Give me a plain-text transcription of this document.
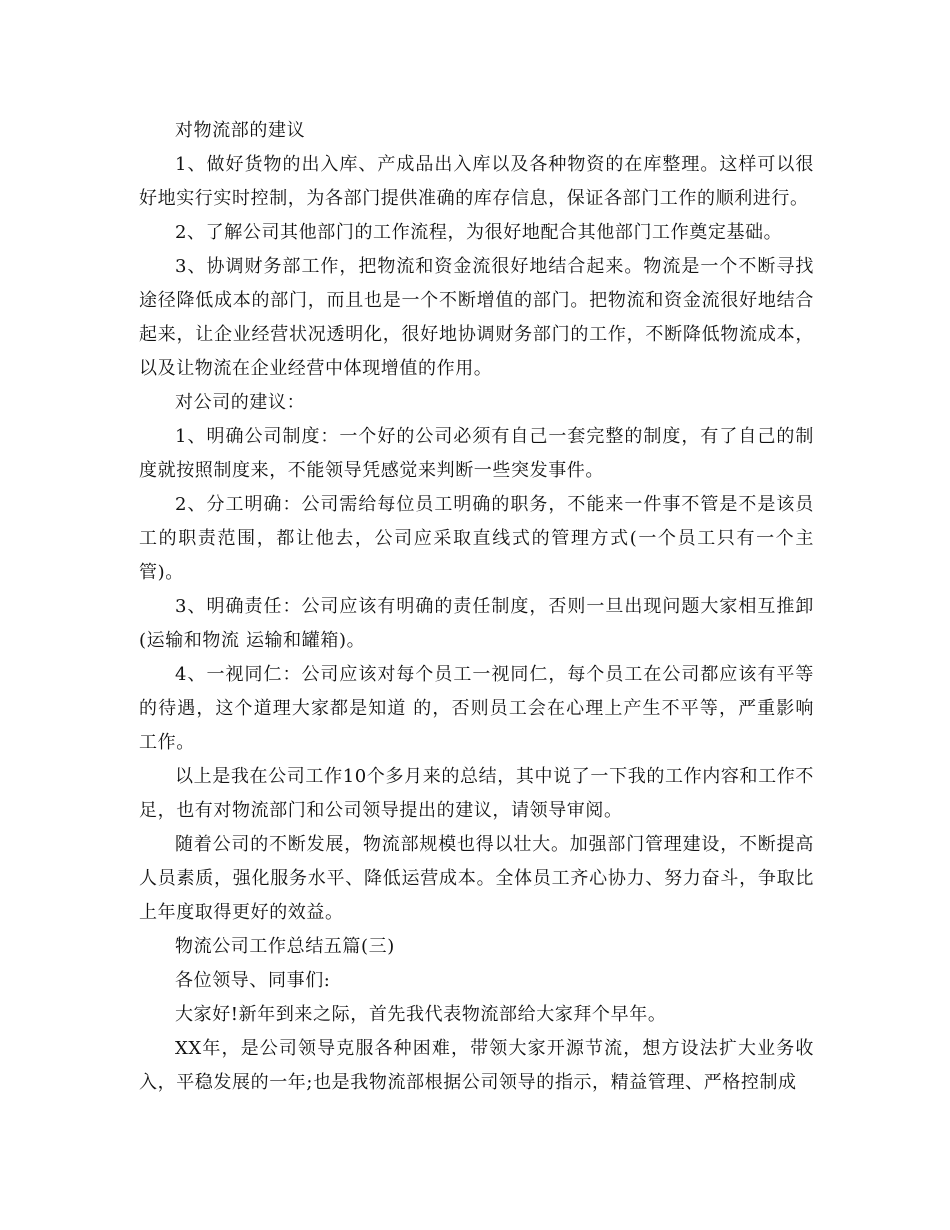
对物流部的建议

1、做好货物的出入库、产成品出入库以及各种物资的在库整理。这样可以很好地实行实时控制，为各部门提供准确的库存信息，保证各部门工作的顺利进行。

2、了解公司其他部门的工作流程，为很好地配合其他部门工作奠定基础。

3、协调财务部工作，把物流和资金流很好地结合起来。物流是一个不断寻找途径降低成本的部门，而且也是一个不断增值的部门。把物流和资金流很好地结合起来，让企业经营状况透明化，很好地协调财务部门的工作，不断降低物流成本，以及让物流在企业经营中体现增值的作用。

对公司的建议：

1、明确公司制度：一个好的公司必须有自己一套完整的制度，有了自己的制度就按照制度来，不能领导凭感觉来判断一些突发事件。

2、分工明确：公司需给每位员工明确的职务，不能来一件事不管是不是该员工的职责范围，都让他去，公司应采取直线式的管理方式(一个员工只有一个主管)。

3、明确责任：公司应该有明确的责任制度，否则一旦出现问题大家相互推卸(运输和物流 运输和罐箱)。

4、一视同仁：公司应该对每个员工一视同仁，每个员工在公司都应该有平等的待遇，这个道理大家都是知道 的，否则员工会在心理上产生不平等，严重影响工作。

以上是我在公司工作10个多月来的总结，其中说了一下我的工作内容和工作不足，也有对物流部门和公司领导提出的建议，请领导审阅。

随着公司的不断发展，物流部规模也得以壮大。加强部门管理建设，不断提高人员素质，强化服务水平、降低运营成本。全体员工齐心协力、努力奋斗，争取比上年度取得更好的效益。

物流公司工作总结五篇(三)

各位领导、同事们:

大家好!新年到来之际，首先我代表物流部给大家拜个早年。

XX年，是公司领导克服各种困难，带领大家开源节流，想方设法扩大业务收入，平稳发展的一年;也是我物流部根据公司领导的指示，精益管理、严格控制成
